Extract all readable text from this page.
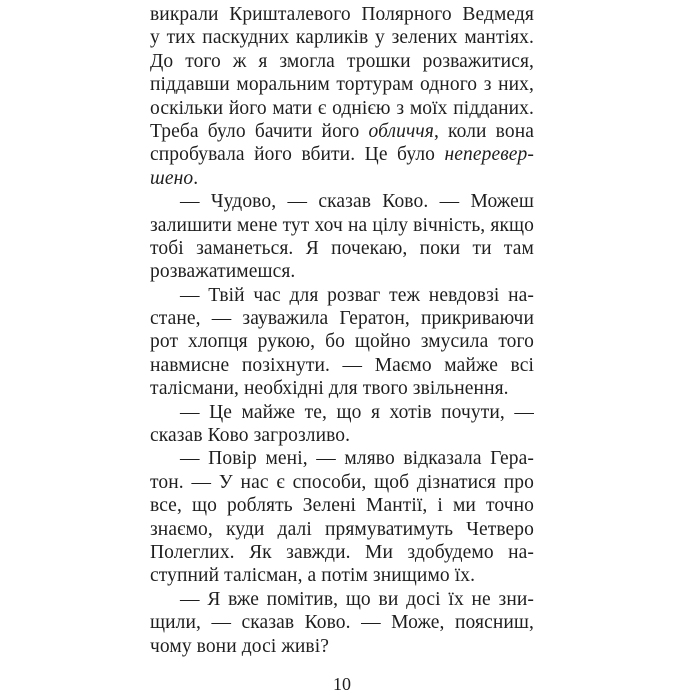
викрали Кришталевого Полярного Ведмедя
у тих паскудних карликів у зелених мантіях.
До того ж я змогла трошки розважитися,
піддавши моральним тортурам одного з них,
оскільки його мати є однією з моїх підданих.
Треба було бачити його обличчя, коли вона
спробувала його вбити. Це було неперевер-
шено.
— Чудово, — сказав Ково. — Можеш
залишити мене тут хоч на цілу вічність, якщо
тобі заманеться. Я почекаю, поки ти там
розважатимешся.
— Твій час для розваг теж невдовзі на-
стане, — зауважила Гератон, прикриваючи
рот хлопця рукою, бо щойно змусила того
навмисне позіхнути. — Маємо майже всі
талісмани, необхідні для твого звільнення.
— Це майже те, що я хотів почути, —
сказав Ково загрозливо.
— Повір мені, — мляво відказала Гера-
тон. — У нас є способи, щоб дізнатися про
все, що роблять Зелені Мантії, і ми точно
знаємо, куди далі прямуватимуть Четверо
Полеглих. Як завжди. Ми здобудемо на-
ступний талісман, а потім знищимо їх.
— Я вже помітив, що ви досі їх не зни-
щили, — сказав Ково. — Може, поясниш,
чому вони досі живі?
10
